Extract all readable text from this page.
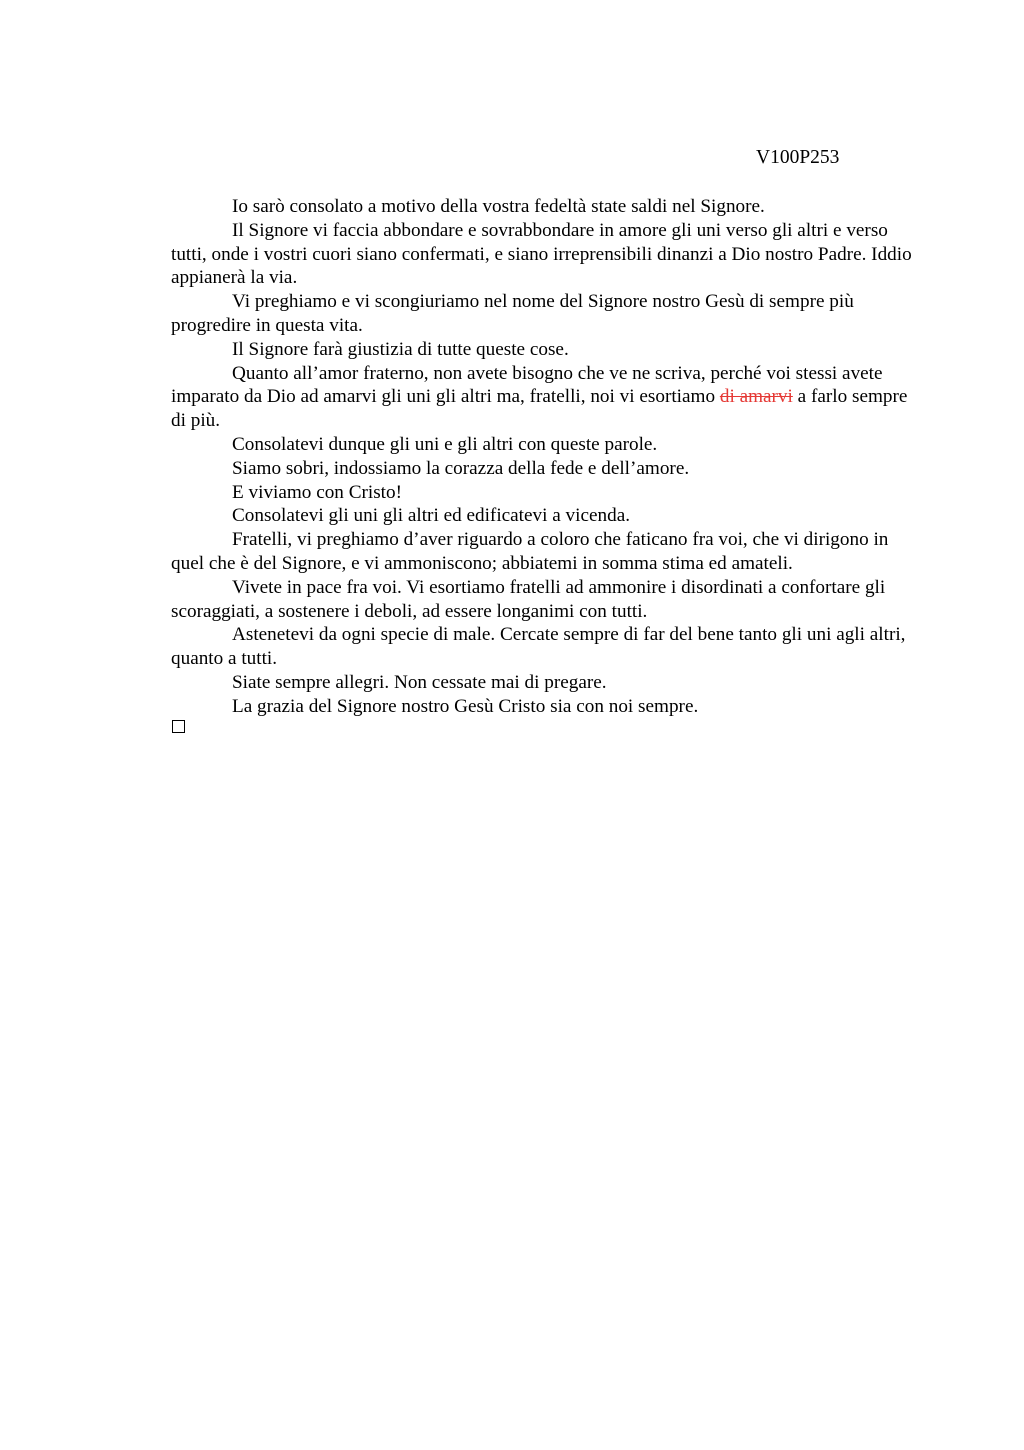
V100P253

Io sarò consolato a motivo della vostra fedeltà state saldi nel Signore.

Il Signore vi faccia abbondare e sovrabbondare in amore gli uni verso gli altri e verso tutti, onde i vostri cuori siano confermati, e siano irreprensibili dinanzi a Dio nostro Padre. Iddio appianerà la via.

Vi preghiamo e vi scongiuriamo nel nome del Signore nostro Gesù di sempre più progredire in questa vita.

Il Signore farà giustizia di tutte queste cose.

Quanto all’amor fraterno, non avete bisogno che ve ne scriva, perché voi stessi avete imparato da Dio ad amarvi gli uni gli altri ma, fratelli, noi vi esortiamo di amarvi a farlo sempre di più.

Consolatevi dunque gli uni e gli altri con queste parole.

Siamo sobri, indossiamo la corazza della fede e dell’amore.

E viviamo con Cristo!

Consolatevi gli uni gli altri ed edificatevi a vicenda.

Fratelli, vi preghiamo d’aver riguardo a coloro che faticano fra voi, che vi dirigono in quel che è del Signore, e vi ammoniscono; abbiatemi in somma stima ed amateli.

Vivete in pace fra voi. Vi esortiamo fratelli ad ammonire i disordinati a confortare gli scoraggiati, a sostenere i deboli, ad essere longanimi con tutti.

Astenetevi da ogni specie di male. Cercate sempre di far del bene tanto gli uni agli altri, quanto a tutti.

Siate sempre allegri. Non cessate mai di pregare.

La grazia del Signore nostro Gesù Cristo sia con noi sempre.
